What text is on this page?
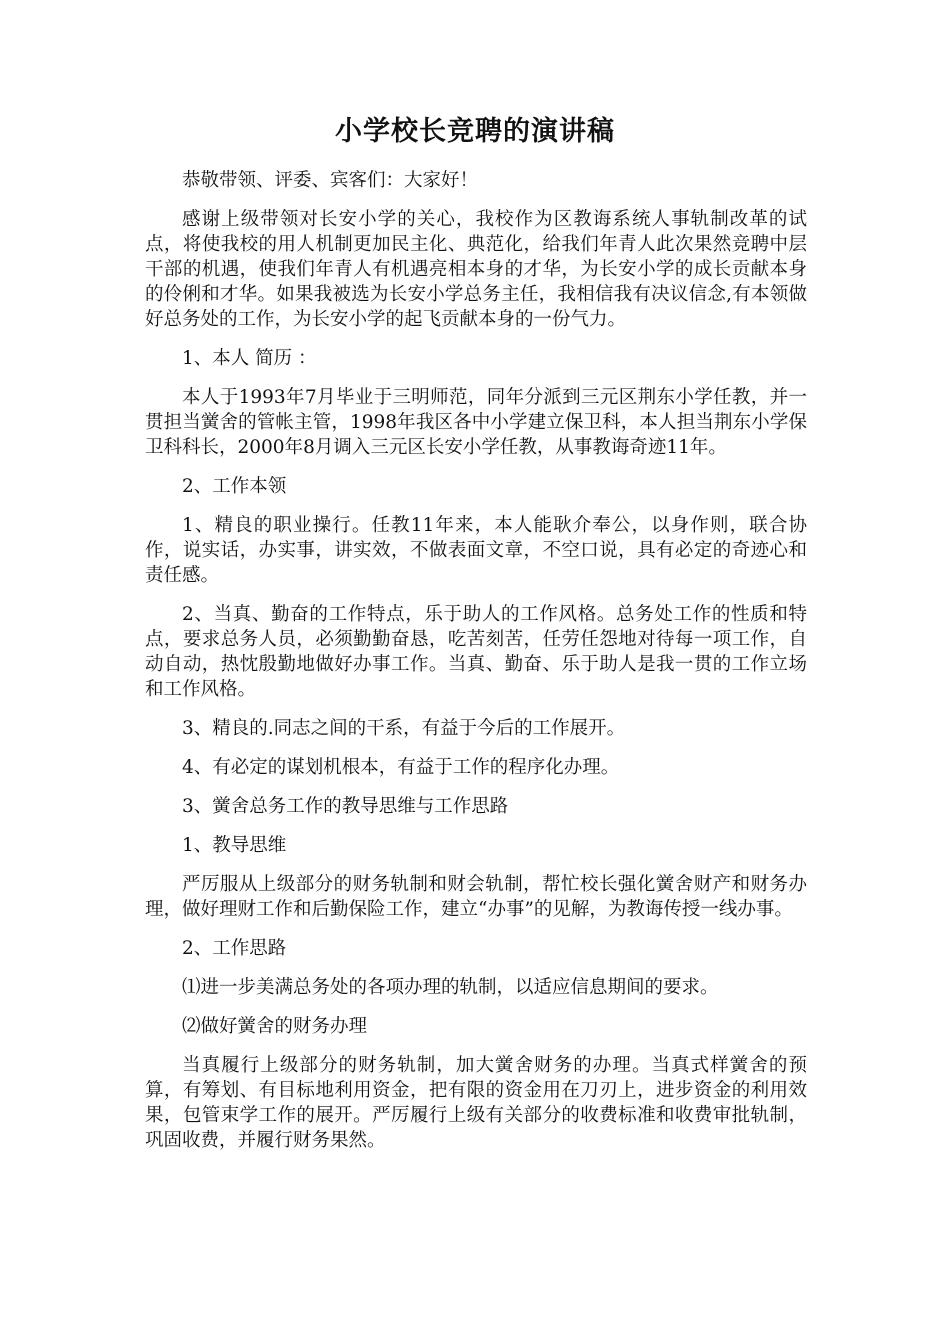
小学校长竞聘的演讲稿

恭敬带领、评委、宾客们：大家好！

感谢上级带领对长安小学的关心，我校作为区教诲系统人事轨制改革的试点，将使我校的用人机制更加民主化、典范化，给我们年青人此次果然竞聘中层干部的机遇，使我们年青人有机遇亮相本身的才华，为长安小学的成长贡献本身的伶俐和才华。如果我被选为长安小学总务主任，我相信我有决议信念,有本领做好总务处的工作，为长安小学的起飞贡献本身的一份气力。

1、本人 简历 ：

本人于1993年7月毕业于三明师范，同年分派到三元区荆东小学任教，并一贯担当黉舍的管帐主管，1998年我区各中小学建立保卫科，本人担当荆东小学保卫科科长，2000年8月调入三元区长安小学任教，从事教诲奇迹11年。

2、工作本领

1、精良的职业操行。任教11年来，本人能耿介奉公，以身作则，联合协作，说实话，办实事，讲实效，不做表面文章，不空口说，具有必定的奇迹心和责任感。

2、当真、勤奋的工作特点，乐于助人的工作风格。总务处工作的性质和特点，要求总务人员，必须勤勤奋恳，吃苦刻苦，任劳任怨地对待每一项工作，自动自动，热忱殷勤地做好办事工作。当真、勤奋、乐于助人是我一贯的工作立场和工作风格。

3、精良的.同志之间的干系，有益于今后的工作展开。

4、有必定的谋划机根本，有益于工作的程序化办理。

3、黉舍总务工作的教导思维与工作思路

1、教导思维

严厉服从上级部分的财务轨制和财会轨制，帮忙校长强化黉舍财产和财务办理，做好理财工作和后勤保险工作，建立“办事”的见解，为教诲传授一线办事。

2、工作思路

⑴进一步美满总务处的各项办理的轨制，以适应信息期间的要求。

⑵做好黉舍的财务办理

当真履行上级部分的财务轨制，加大黉舍财务的办理。当真式样黉舍的预算，有筹划、有目标地利用资金，把有限的资金用在刀刃上，进步资金的利用效果，包管束学工作的展开。严厉履行上级有关部分的收费标准和收费审批轨制，巩固收费，并履行财务果然。
